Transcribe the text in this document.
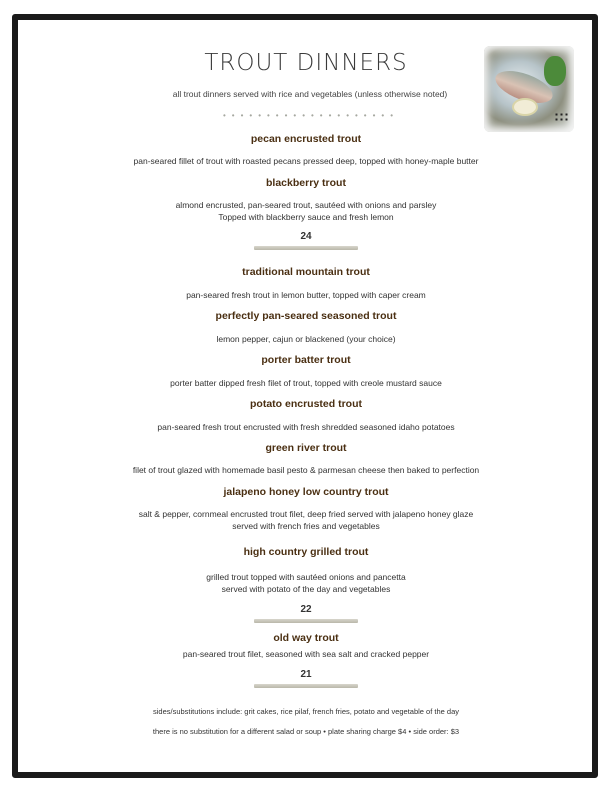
TROUT DINNERS
all trout dinners served with rice and vegetables (unless otherwise noted)
••••••••••••••••••••
pecan encrusted trout
pan-seared fillet of trout with roasted pecans pressed deep, topped with honey-maple butter
blackberry trout
almond encrusted, pan-seared trout, sautéed with onions and parsley
Topped with blackberry sauce and fresh lemon
24
traditional mountain trout
pan-seared fresh trout in lemon butter, topped with caper cream
perfectly pan-seared seasoned trout
lemon pepper, cajun or blackened (your choice)
porter batter trout
porter batter dipped fresh filet of trout, topped with creole mustard sauce
potato encrusted trout
pan-seared fresh trout encrusted with fresh shredded seasoned idaho potatoes
green river trout
filet of trout glazed with homemade basil pesto & parmesan cheese then baked to perfection
jalapeno honey low country trout
salt & pepper, cornmeal encrusted trout filet, deep fried served with jalapeno honey glaze
served with french fries and vegetables
high country grilled trout
grilled trout topped with sautéed onions and pancetta
served with potato of the day and vegetables
22
old way trout
pan-seared trout filet, seasoned with sea salt and cracked pepper
21
sides/substitutions include: grit cakes, rice pilaf, french fries, potato and vegetable of the day
there is no substitution for a different salad or soup • plate sharing charge $4 • side order: $3
